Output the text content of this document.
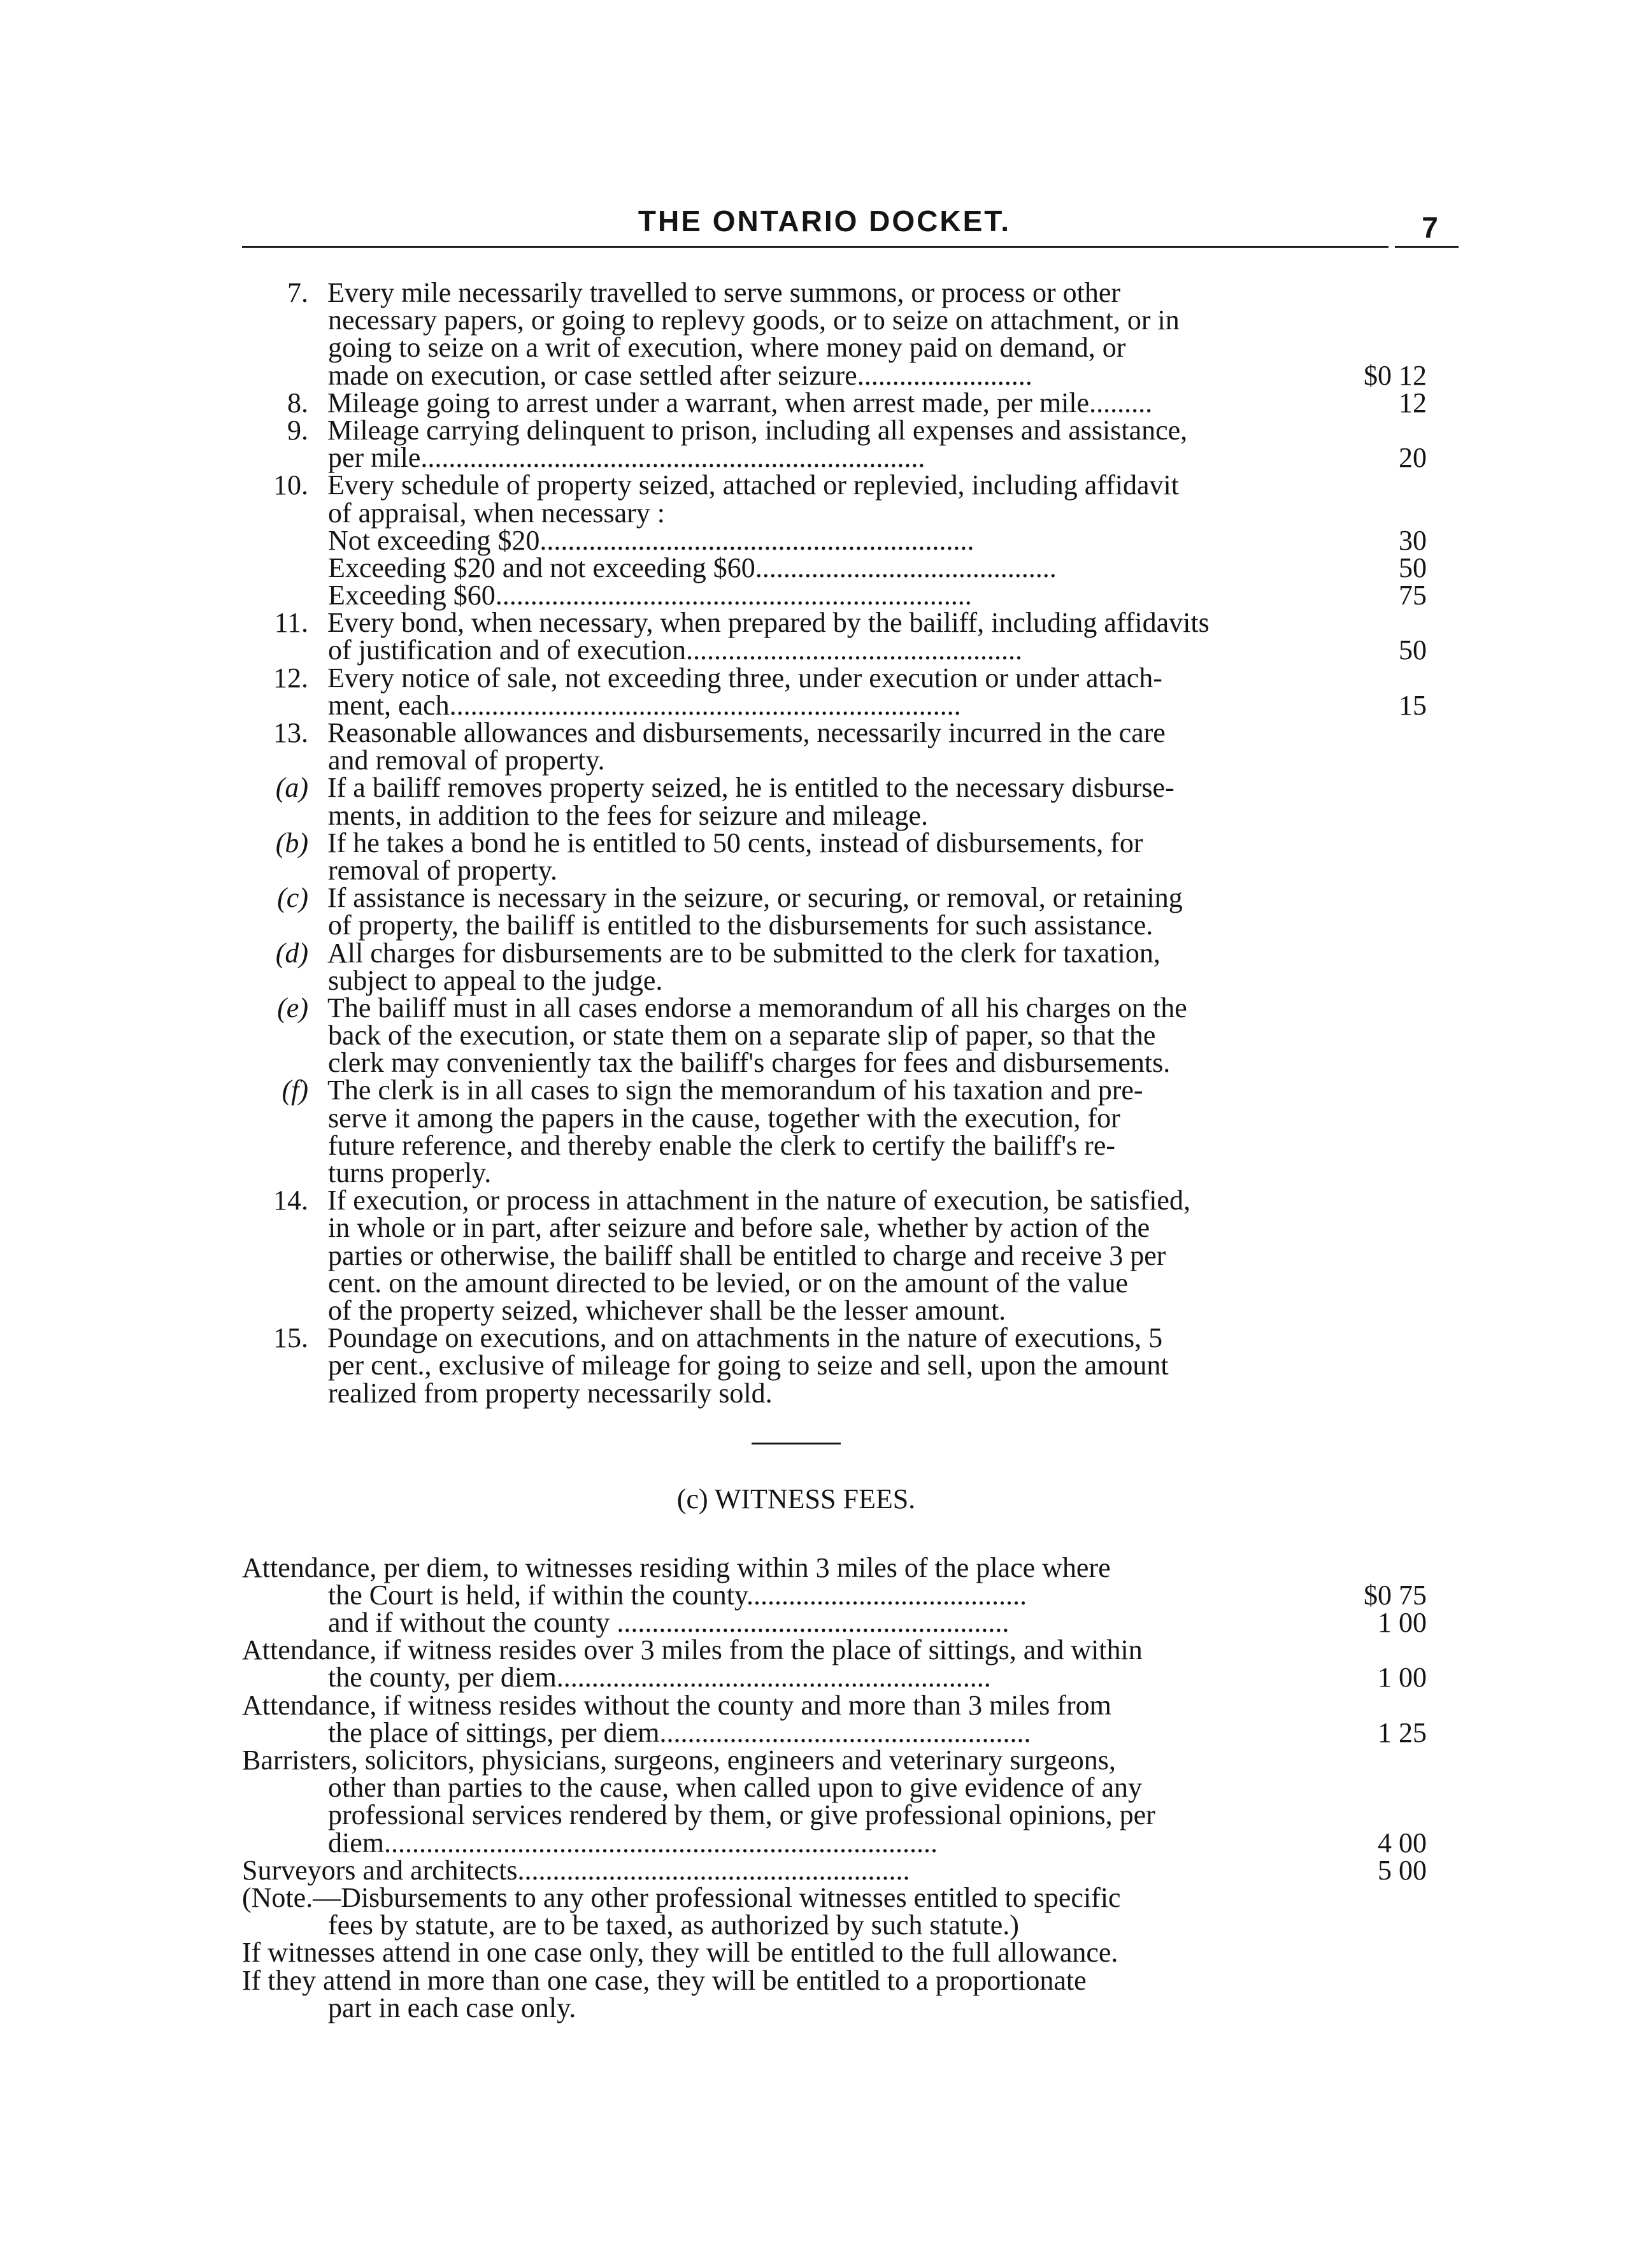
THE ONTARIO DOCKET.	7
7. Every mile necessarily travelled to serve summons, or process or other
necessary papers, or going to replevy goods, or to seize on attachment, or in
going to seize on a writ of execution, where money paid on demand, or
made on execution, or case settled after seizure.........................	$0 12
8. Mileage going to arrest under a warrant, when arrest made, per mile.........	12
9. Mileage carrying delinquent to prison, including all expenses and assistance,
per mile........................................................................	20
10. Every schedule of property seized, attached or replevied, including affidavit
of appraisal, when necessary :
Not exceeding $20..............................................................	30
Exceeding $20 and not exceeding $60...........................................	50
Exceeding $60....................................................................	75
11. Every bond, when necessary, when prepared by the bailiff, including affidavits
of justification and of execution................................................	50
12. Every notice of sale, not exceeding three, under execution or under attach-
ment, each.........................................................................	15
13. Reasonable allowances and disbursements, necessarily incurred in the care
and removal of property.
(a) If a bailiff removes property seized, he is entitled to the necessary disburse-
ments, in addition to the fees for seizure and mileage.
(b) If he takes a bond he is entitled to 50 cents, instead of disbursements, for
removal of property.
(c) If assistance is necessary in the seizure, or securing, or removal, or retaining
of property, the bailiff is entitled to the disbursements for such assistance.
(d) All charges for disbursements are to be submitted to the clerk for taxation,
subject to appeal to the judge.
(e) The bailiff must in all cases endorse a memorandum of all his charges on the
back of the execution, or state them on a separate slip of paper, so that the
clerk may conveniently tax the bailiff's charges for fees and disbursements.
(f) The clerk is in all cases to sign the memorandum of his taxation and pre-
serve it among the papers in the cause, together with the execution, for
future reference, and thereby enable the clerk to certify the bailiff's re-
turns properly.
14. If execution, or process in attachment in the nature of execution, be satisfied,
in whole or in part, after seizure and before sale, whether by action of the
parties or otherwise, the bailiff shall be entitled to charge and receive 3 per
cent. on the amount directed to be levied, or on the amount of the value
of the property seized, whichever shall be the lesser amount.
15. Poundage on executions, and on attachments in the nature of executions, 5
per cent., exclusive of mileage for going to seize and sell, upon the amount
realized from property necessarily sold.
(c) WITNESS FEES.
Attendance, per diem, to witnesses residing within 3 miles of the place where
the Court is held, if within the county........................................	$0 75
and if without the county ........................................................	1 00
Attendance, if witness resides over 3 miles from the place of sittings, and within
the county, per diem..............................................................	1 00
Attendance, if witness resides without the county and more than 3 miles from
the place of sittings, per diem.....................................................	1 25
Barristers, solicitors, physicians, surgeons, engineers and veterinary surgeons,
other than parties to the cause, when called upon to give evidence of any
professional services rendered by them, or give professional opinions, per
diem...............................................................................	4 00
Surveyors and architects........................................................	5 00
(Note.—Disbursements to any other professional witnesses entitled to specific
fees by statute, are to be taxed, as authorized by such statute.)
If witnesses attend in one case only, they will be entitled to the full allowance.
If they attend in more than one case, they will be entitled to a proportionate
part in each case only.
